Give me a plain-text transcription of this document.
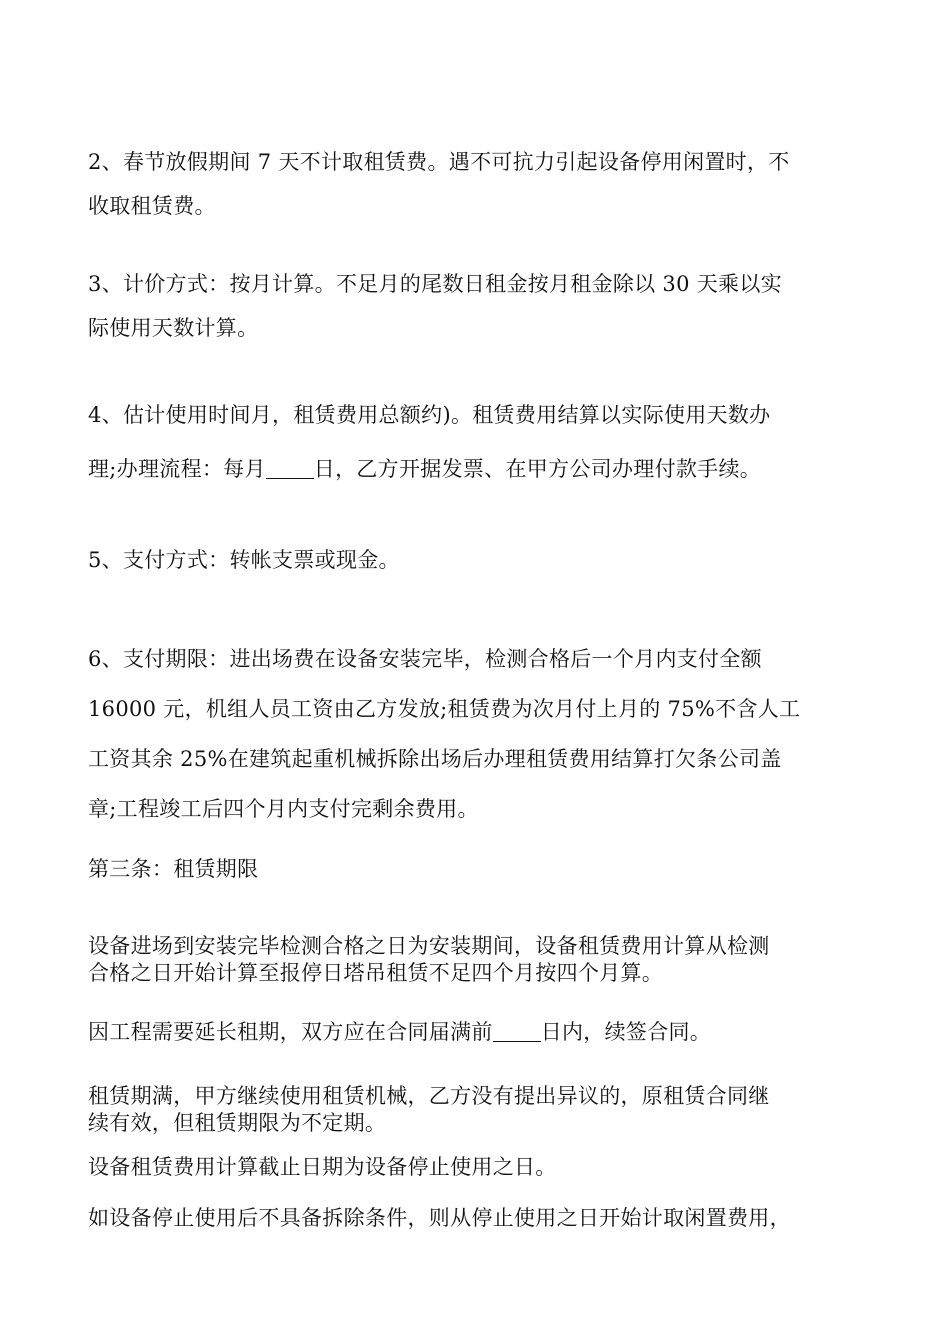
2、春节放假期间 7 天不计取租赁费。遇不可抗力引起设备停用闲置时，不
收取租赁费。

3、计价方式：按月计算。不足月的尾数日租金按月租金除以 30 天乘以实
际使用天数计算。

4、估计使用时间月，租赁费用总额约)。租赁费用结算以实际使用天数办
理;办理流程：每月 日，乙方开据发票、在甲方公司办理付款手续。

5、支付方式：转帐支票或现金。

6、支付期限：进出场费在设备安装完毕，检测合格后一个月内支付全额
16000 元，机组人员工资由乙方发放;租赁费为次月付上月的 75%不含人工
工资其余 25%在建筑起重机械拆除出场后办理租赁费用结算打欠条公司盖
章;工程竣工后四个月内支付完剩余费用。

第三条：租赁期限

设备进场到安装完毕检测合格之日为安装期间，设备租赁费用计算从检测
合格之日开始计算至报停日塔吊租赁不足四个月按四个月算。

因工程需要延长租期，双方应在合同届满前 日内，续签合同。

租赁期满，甲方继续使用租赁机械，乙方没有提出异议的，原租赁合同继
续有效，但租赁期限为不定期。

设备租赁费用计算截止日期为设备停止使用之日。

如设备停止使用后不具备拆除条件，则从停止使用之日开始计取闲置费用，
